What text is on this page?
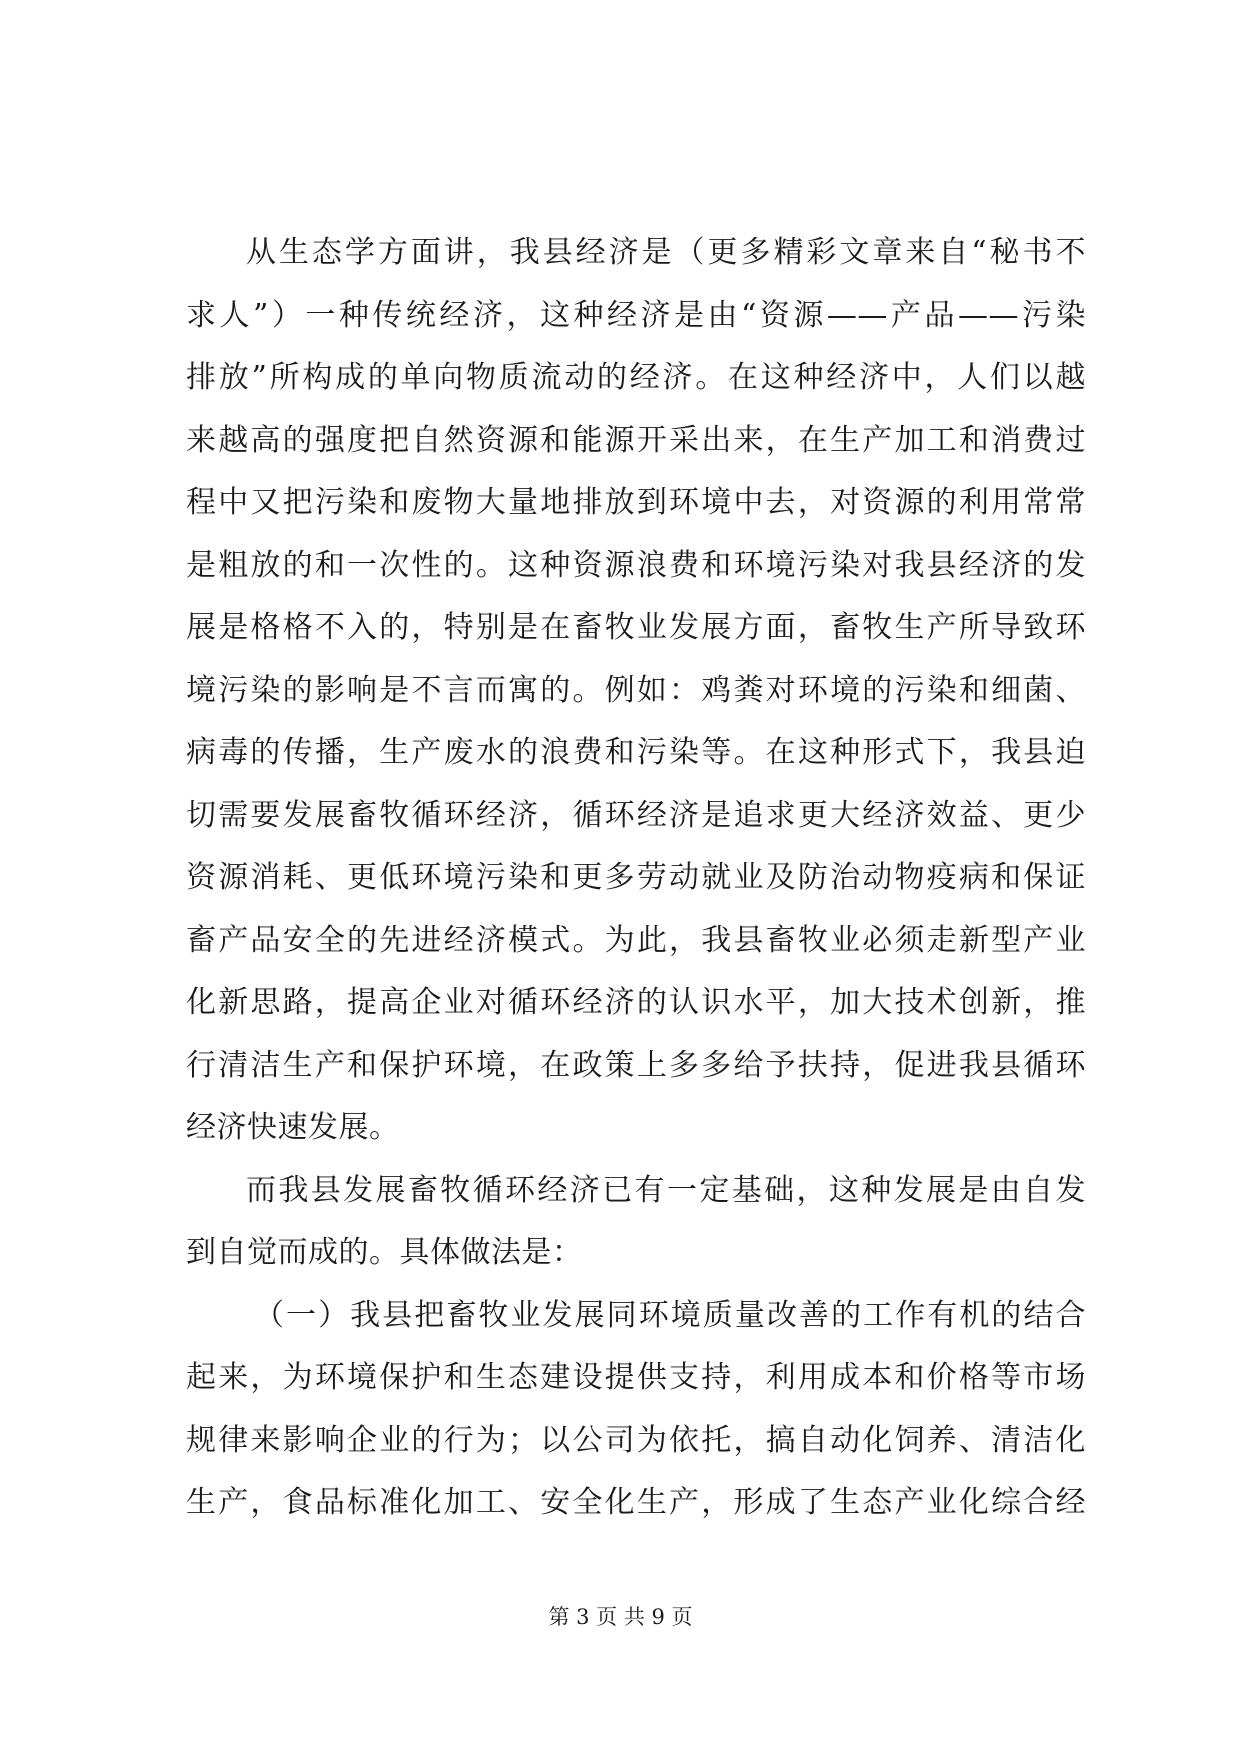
从生态学方面讲，我县经济是（更多精彩文章来自“秘书不
求人”）一种传统经济，这种经济是由“资源——产品——污染
排放”所构成的单向物质流动的经济。在这种经济中，人们以越
来越高的强度把自然资源和能源开采出来，在生产加工和消费过
程中又把污染和废物大量地排放到环境中去，对资源的利用常常
是粗放的和一次性的。这种资源浪费和环境污染对我县经济的发
展是格格不入的，特别是在畜牧业发展方面，畜牧生产所导致环
境污染的影响是不言而寓的。例如：鸡粪对环境的污染和细菌、
病毒的传播，生产废水的浪费和污染等。在这种形式下，我县迫
切需要发展畜牧循环经济，循环经济是追求更大经济效益、更少
资源消耗、更低环境污染和更多劳动就业及防治动物疫病和保证
畜产品安全的先进经济模式。为此，我县畜牧业必须走新型产业
化新思路，提高企业对循环经济的认识水平，加大技术创新，推
行清洁生产和保护环境，在政策上多多给予扶持，促进我县循环
经济快速发展。
而我县发展畜牧循环经济已有一定基础，这种发展是由自发
到自觉而成的。具体做法是：
（一）我县把畜牧业发展同环境质量改善的工作有机的结合
起来，为环境保护和生态建设提供支持，利用成本和价格等市场
规律来影响企业的行为；以公司为依托，搞自动化饲养、清洁化
生产，食品标准化加工、安全化生产，形成了生态产业化综合经
第 3 页 共 9 页
